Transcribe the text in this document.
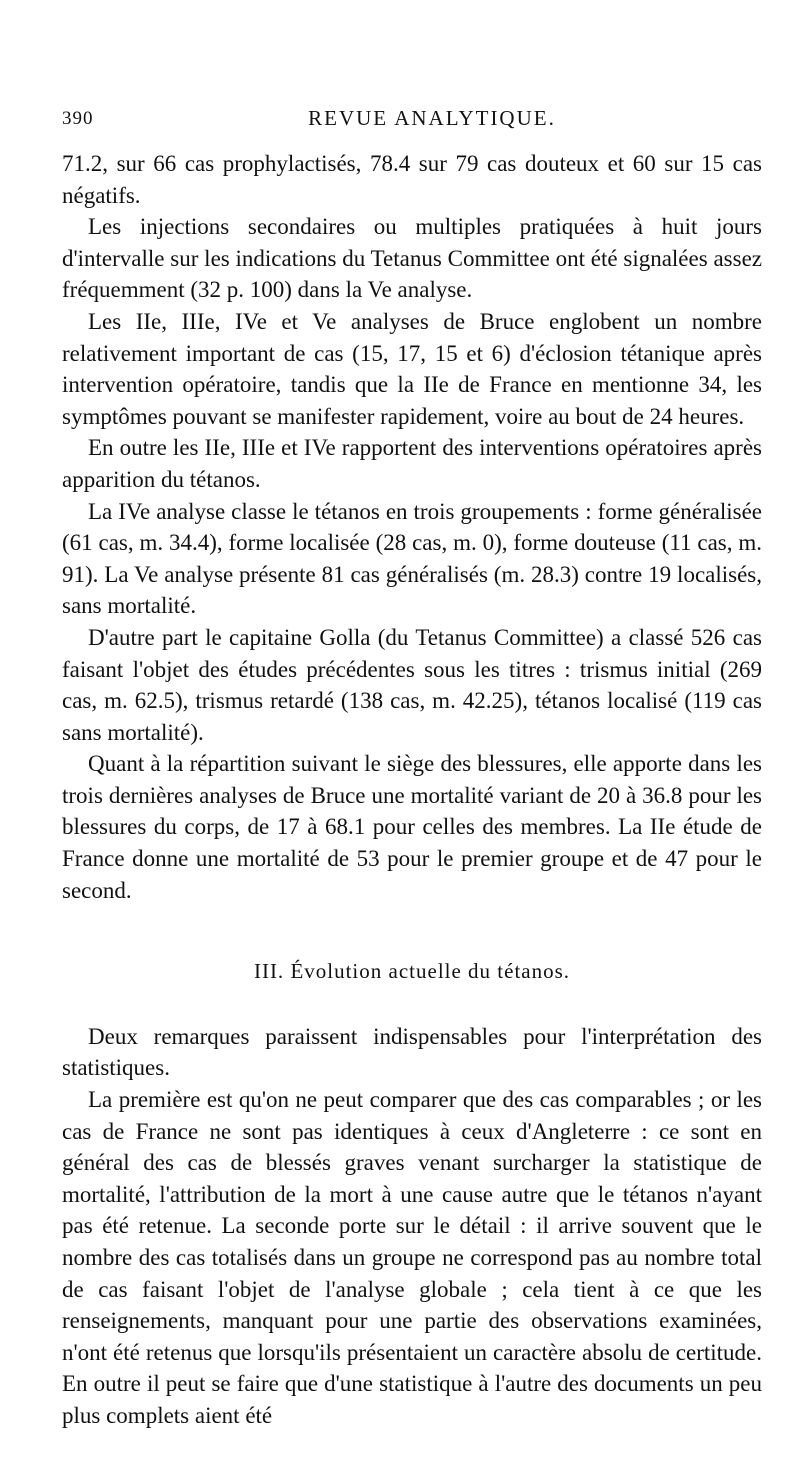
390	REVUE ANALYTIQUE.

71.2, sur 66 cas prophylactisés, 78.4 sur 79 cas douteux et 60 sur 15 cas négatifs.

Les injections secondaires ou multiples pratiquées à huit jours d'intervalle sur les indications du Tetanus Committee ont été signalées assez fréquemment (32 p. 100) dans la Ve analyse.

Les IIe, IIIe, IVe et Ve analyses de Bruce englobent un nombre relativement important de cas (15, 17, 15 et 6) d'éclosion tétanique après intervention opératoire, tandis que la IIe de France en mentionne 34, les symptômes pouvant se manifester rapidement, voire au bout de 24 heures.

En outre les IIe, IIIe et IVe rapportent des interventions opératoires après apparition du tétanos.

La IVe analyse classe le tétanos en trois groupements : forme généralisée (61 cas, m. 34.4), forme localisée (28 cas, m. 0), forme douteuse (11 cas, m. 91). La Ve analyse présente 81 cas généralisés (m. 28.3) contre 19 localisés, sans mortalité.

D'autre part le capitaine Golla (du Tetanus Committee) a classé 526 cas faisant l'objet des études précédentes sous les titres : trismus initial (269 cas, m. 62.5), trismus retardé (138 cas, m. 42.25), tétanos localisé (119 cas sans mortalité).

Quant à la répartition suivant le siège des blessures, elle apporte dans les trois dernières analyses de Bruce une mortalité variant de 20 à 36.8 pour les blessures du corps, de 17 à 68.1 pour celles des membres. La IIe étude de France donne une mortalité de 53 pour le premier groupe et de 47 pour le second.

III. Évolution actuelle du tétanos.

Deux remarques paraissent indispensables pour l'interprétation des statistiques.

La première est qu'on ne peut comparer que des cas comparables ; or les cas de France ne sont pas identiques à ceux d'Angleterre : ce sont en général des cas de blessés graves venant surcharger la statistique de mortalité, l'attribution de la mort à une cause autre que le tétanos n'ayant pas été retenue. La seconde porte sur le détail : il arrive souvent que le nombre des cas totalisés dans un groupe ne correspond pas au nombre total de cas faisant l'objet de l'analyse globale ; cela tient à ce que les renseignements, manquant pour une partie des observations examinées, n'ont été retenus que lorsqu'ils présentaient un caractère absolu de certitude. En outre il peut se faire que d'une statistique à l'autre des documents un peu plus complets aient été
